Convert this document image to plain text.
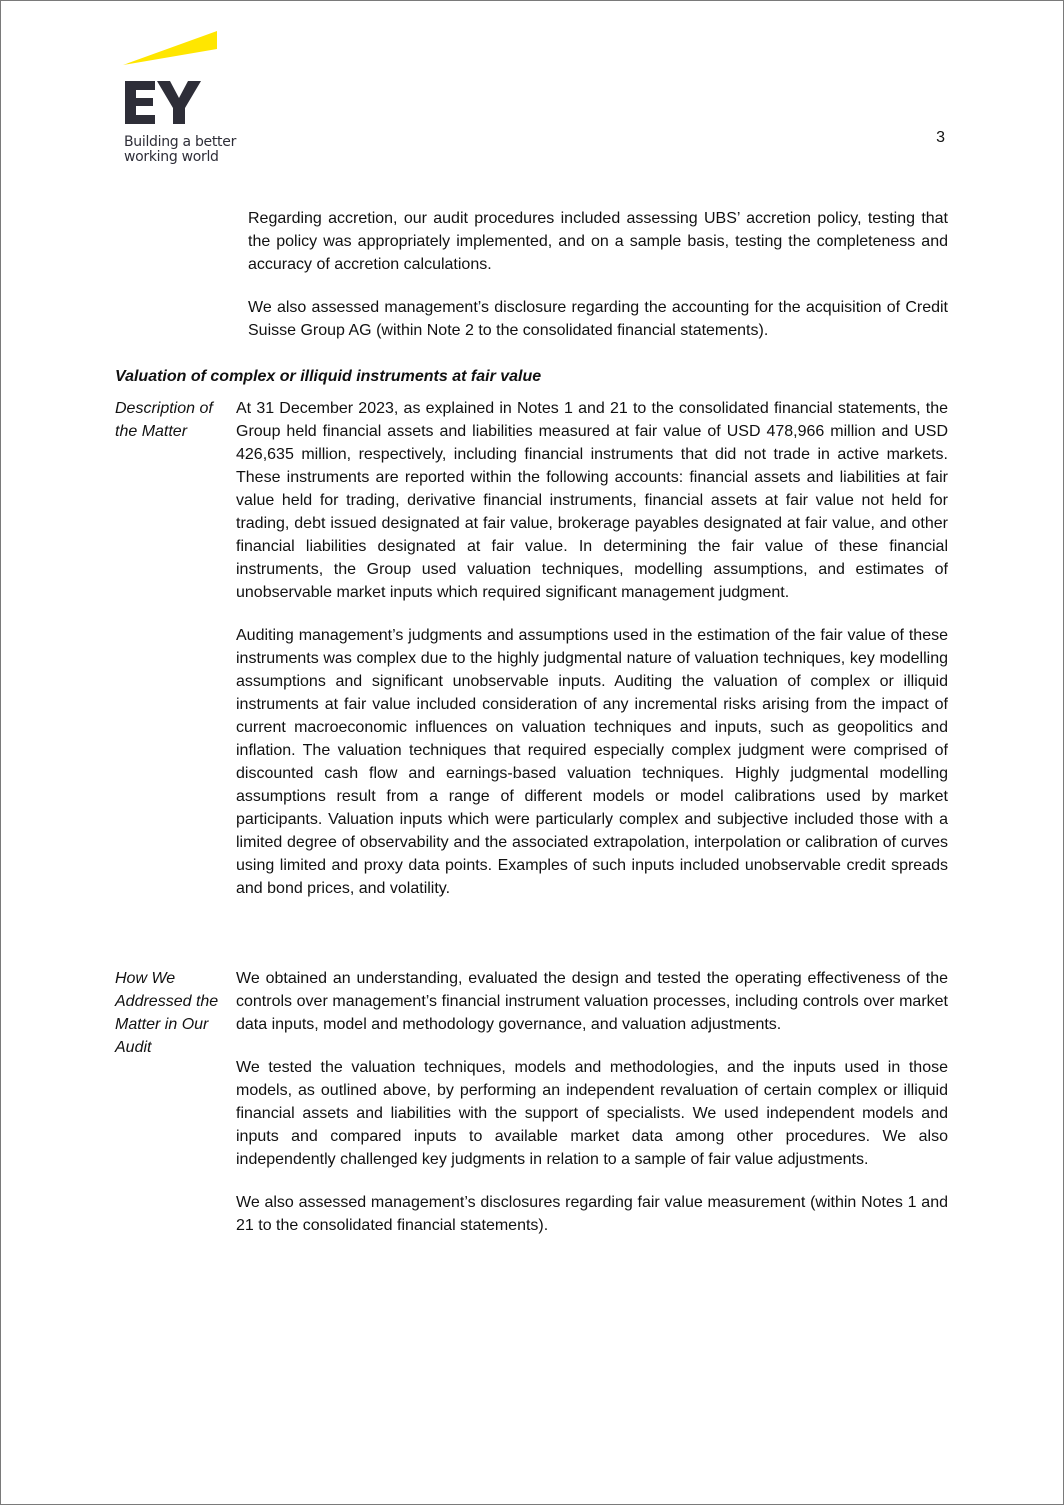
Building a better
working world
3

Regarding accretion, our audit procedures included assessing UBS’ accretion policy, testing that the policy was appropriately implemented, and on a sample basis, testing the completeness and accuracy of accretion calculations.

We also assessed management’s disclosure regarding the accounting for the acquisition of Credit Suisse Group AG (within Note 2 to the consolidated financial statements).

Valuation of complex or illiquid instruments at fair value
Description of the Matter

At 31 December 2023, as explained in Notes 1 and 21 to the consolidated financial statements, the Group held financial assets and liabilities measured at fair value of USD 478,966 million and USD 426,635 million, respectively, including financial instruments that did not trade in active markets. These instruments are reported within the following accounts: financial assets and liabilities at fair value held for trading, derivative financial instruments, financial assets at fair value not held for trading, debt issued designated at fair value, brokerage payables designated at fair value, and other financial liabilities designated at fair value. In determining the fair value of these financial instruments, the Group used valuation techniques, modelling assumptions, and estimates of unobservable market inputs which required significant management judgment.

Auditing management’s judgments and assumptions used in the estimation of the fair value of these instruments was complex due to the highly judgmental nature of valuation techniques, key modelling assumptions and significant unobservable inputs. Auditing the valuation of complex or illiquid instruments at fair value included consideration of any incremental risks arising from the impact of current macroeconomic influences on valuation techniques and inputs, such as geopolitics and inflation. The valuation techniques that required especially complex judgment were comprised of discounted cash flow and earnings-based valuation techniques. Highly judgmental modelling assumptions result from a range of different models or model calibrations used by market participants. Valuation inputs which were particularly complex and subjective included those with a limited degree of observability and the associated extrapolation, interpolation or calibration of curves using limited and proxy data points. Examples of such inputs included unobservable credit spreads and bond prices, and volatility.

How We Addressed the Matter in Our Audit

We obtained an understanding, evaluated the design and tested the operating effectiveness of the controls over management’s financial instrument valuation processes, including controls over market data inputs, model and methodology governance, and valuation adjustments.

We tested the valuation techniques, models and methodologies, and the inputs used in those models, as outlined above, by performing an independent revaluation of certain complex or illiquid financial assets and liabilities with the support of specialists. We used independent models and inputs and compared inputs to available market data among other procedures. We also independently challenged key judgments in relation to a sample of fair value adjustments.

We also assessed management’s disclosures regarding fair value measurement (within Notes 1 and 21 to the consolidated financial statements).
